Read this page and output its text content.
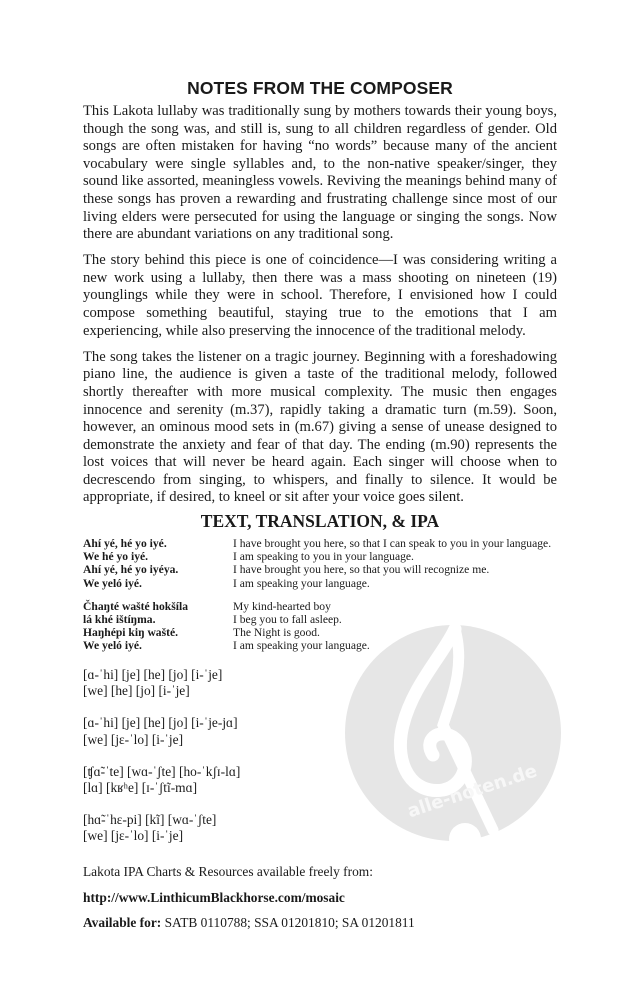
alle-noten.de
NOTES FROM THE COMPOSER

This Lakota lullaby was traditionally sung by mothers towards their young boys, though the song was, and still is, sung to all children regardless of gender. Old songs are often mistaken for having “no words” because many of the ancient vocabulary were single syllables and, to the non-native speaker/singer, they sound like assorted, meaningless vowels. Reviving the meanings behind many of these songs has proven a rewarding and frustrating challenge since most of our living elders were persecuted for using the language or singing the songs. Now there are abundant variations on any traditional song.

The story behind this piece is one of coincidence—I was considering writing a new work using a lullaby, then there was a mass shooting on nineteen (19) younglings while they were in school. Therefore, I envisioned how I could compose something beautiful, staying true to the emotions that I am experiencing, while also preserving the innocence of the traditional melody.

The song takes the listener on a tragic journey. Beginning with a foreshadowing piano line, the audience is given a taste of the traditional melody, followed shortly thereafter with more musical complexity. The music then engages innocence and serenity (m.37), rapidly taking a dramatic turn (m.59). Soon, however, an ominous mood sets in (m.67) giving a sense of unease designed to demonstrate the anxiety and fear of that day. The ending (m.90) represents the lost voices that will never be heard again. Each singer will choose when to decrescendo from singing, to whispers, and finally to silence. It would be appropriate, if desired, to kneel or sit after your voice goes silent.

TEXT, TRANSLATION, & IPA
Ahí yé, hé yo iyé.	I have brought you here, so that I can speak to you in your language.
We hé yo iyé.	I am speaking to you in your language.
Ahí yé, hé yo iyéya.	I have brought you here, so that you will recognize me.
We yeló iyé.	I am speaking your language.
Čhaŋté wašté hokšíla	My kind-hearted boy
lá khé ištíŋma.	I beg you to fall asleep.
Haŋhépi kiŋ wašté.	The Night is good.
We yeló iyé.	I am speaking your language.
[ɑ-ˈhi] [je] [he] [jo] [i-ˈje]
[we] [he] [jo] [i-ˈje]
[ɑ-ˈhi] [je] [he] [jo] [i-ˈje-jɑ]
[we] [jɛ-ˈlo] [i-ˈje]
[ʧɑ̃-ˈte] [wɑ-ˈʃte] [ho-ˈkʃɪ-lɑ]
[lɑ] [kʁʰe] [ɪ-ˈʃtĩ-mɑ]
[hɑ̃-ˈhɛ-pi] [kĩ] [wɑ-ˈʃte]
[we] [jɛ-ˈlo] [i-ˈje]
Lakota IPA Charts & Resources available freely from:
http://www.LinthicumBlackhorse.com/mosaic
Available for: SATB 0110788; SSA 01201810; SA 01201811
